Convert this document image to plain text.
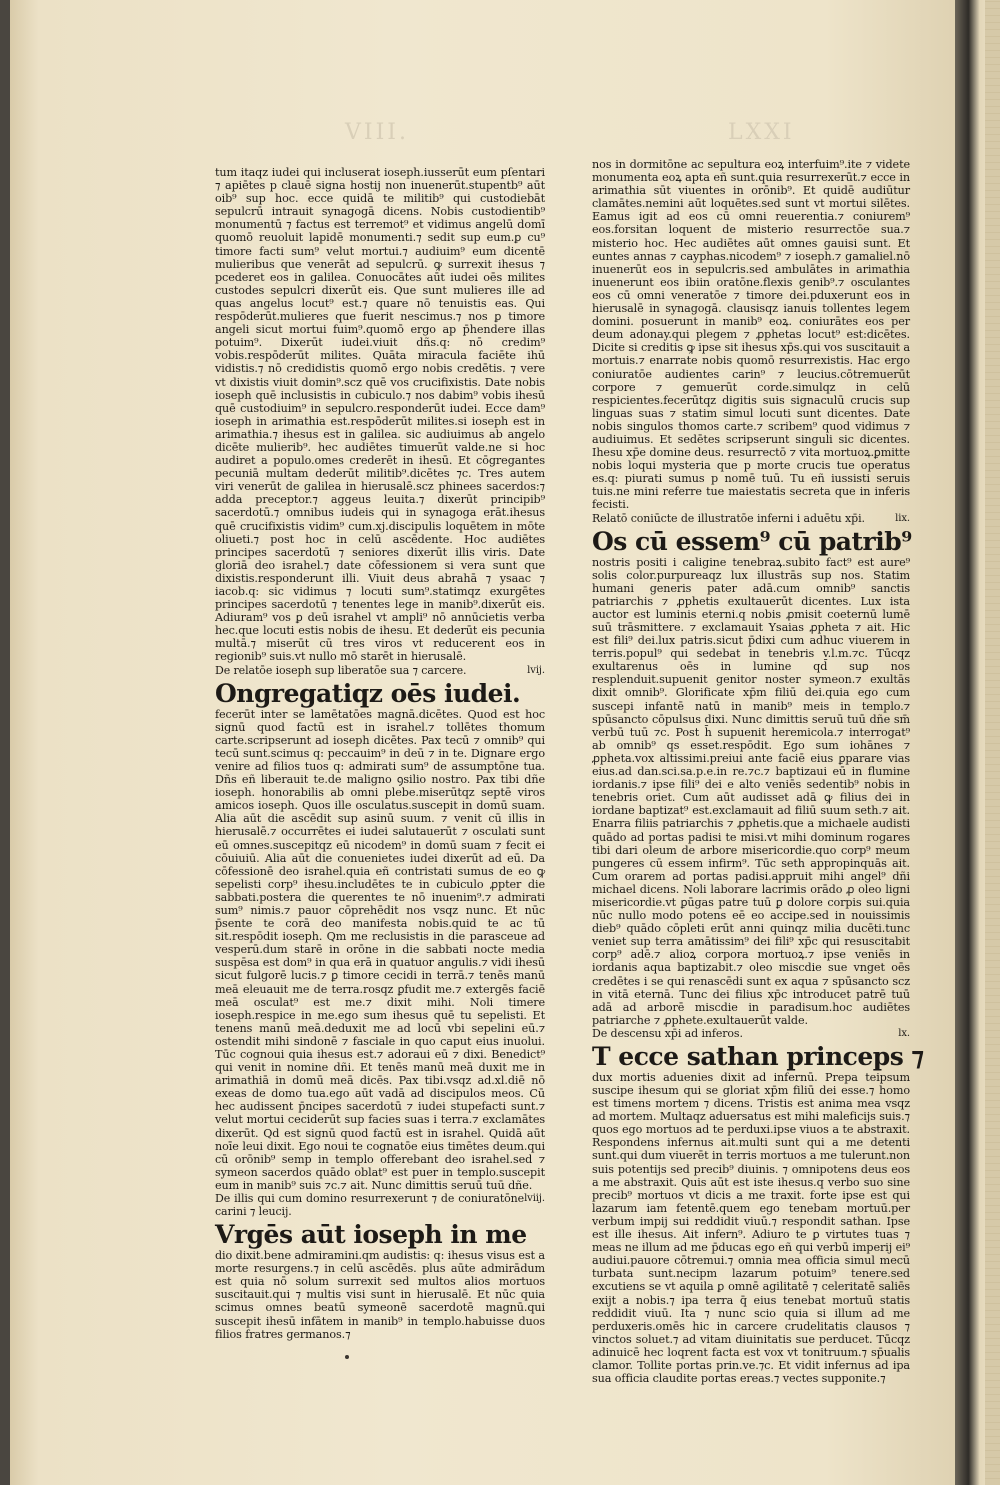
VIII.	LXXI

tum itaqz iudei qui incluserat ioseph.iusserūt eum pſentari ⁊ apiētes p clauē signa hostij non inuenerūt.stupentb⁹ aūt oib⁹ sup hoc. ecce quidā te militib⁹ qui custodiebāt sepulcrū intrauit synagogā dicens. Nobis custodientib⁹ monumentū ⁊ factus est terremot⁹ et vidimus angelū domī quomō reuoluit lapidē monumenti.⁊ sedit sup eum.ꝑ cu⁹ timore facti sum⁹ velut mortui.⁊ audiuim⁹ eum dicentē mulieribus que venerāt ad sepulcrū. ꝙ surrexit ihesus ⁊ pcederet eos in galilea. Conuocātes aūt iudei oēs milites custodes sepulcri dixerūt eis. Que sunt mulieres ille ad quas angelus locut⁹ est.⁊ quare nō tenuistis eas. Qui respōderūt.mulieres que fuerit nescimus.⁊ nos ꝑ timore angeli sicut mortui fuim⁹.quomō ergo ap p̄hendere illas potuim⁹. Dixerūt iudei.viuit dñs.q: nō credim⁹ vobis.respōderūt milites. Quāta miracula faciēte ihū vidistis.⁊ nō credidistis quomō ergo nobis credētis. ⁊ vere vt dixistis viuit domin⁹.scz quē vos crucifixistis. Date nobis ioseph quē inclusistis in cubiculo.⁊ nos dabim⁹ vobis ihesū quē custodiuim⁹ in sepulcro.responderūt iudei. Ecce dam⁹ ioseph in arimathia est.respōderūt milites.si ioseph est in arimathia.⁊ ihesus est in galilea. sic audiuimus ab angelo dicēte mulierib⁹. hec audiētes timuerūt valde.ne si hoc audiret a populo.omes crederēt in ihesū. Et cōgregantes pecuniā multam dederūt militib⁹.dicētes ⁊c. Tres autem viri venerūt de galilea in hierusalē.scz phinees sacerdos:⁊ adda preceptor.⁊ aggeus leuita.⁊ dixerūt principib⁹ sacerdotū.⁊ omnibus iudeis qui in synagoga erāt.ihesus quē crucifixistis vidim⁹ cum.xj.discipulis loquētem in mōte oliueti.⁊ post hoc in celū ascēdente. Hoc audiētes principes sacerdotū ⁊ seniores dixerūt illis viris. Date gloriā deo israhel.⁊ date cōfessionem si vera sunt que dixistis.responderunt illi. Viuit deus abrahā ⁊ ysaac ⁊ iacob.q: sic vidimus ⁊ locuti sum⁹.statimqz exurgētes principes sacerdotū ⁊ tenentes lege in manib⁹.dixerūt eis. Adiuram⁹ vos ꝑ deū israhel vt ampli⁹ nō annūcietis verba hec.que locuti estis nobis de ihesu. Et dederūt eis pecunia multā.⁊ miserūt cū tres viros vt reducerent eos in regionib⁹ suis.vt nullo mō starēt in hierusalē.

lvij.
De relatōe ioseph sup liberatōe sua ⁊ carcere.

Ongregatiqz oēs iudei.

fecerūt inter se lamētatōes magnā.dicētes. Quod est hoc signū quod factū est in israhel.⁊ tollētes thomum carte.scripserunt ad ioseph dicētes. Pax tecū ⁊ omnib⁹ qui tecū sunt.scimus q: peccauim⁹ in deū ⁊ in te. Dignare ergo venire ad filios tuos q: admirati sum⁹ de assumptōne tua. Dñs eñ liberauit te.de maligno ꝯsilio nostro. Pax tibi dñe ioseph. honorabilis ab omni plebe.miserūtqz septē viros amicos ioseph. Quos ille osculatus.suscepit in domū suam. Alia aūt die ascēdit sup asinū suum. ⁊ venit cū illis in hierusalē.⁊ occurrētes ei iudei salutauerūt ⁊ osculati sunt eū omnes.suscepitqz eū nicodem⁹ in domū suam ⁊ fecit ei cōuiuiū. Alia aūt die conuenietes iudei dixerūt ad eū. Da cōfessionē deo israhel.quia eñ contristati sumus de eo ꝙ sepelisti corp⁹ ihesu.includētes te in cubiculo ꝓpter die sabbati.postera die querentes te nō inuenim⁹.⁊ admirati sum⁹ nimis.⁊ pauor cōprehēdit nos vsqz nunc. Et nūc p̄sente te corā deo manifesta nobis.quid te ac tū sit.respōdit ioseph. Qm me reclusistis in die parasceue ad vesperū.dum starē in orōne in die sabbati nocte media suspēsa est dom⁹ in qua erā in quatuor angulis.⁊ vidi ihesū sicut fulgorē lucis.⁊ ꝑ timore cecidi in terrā.⁊ tenēs manū meā eleuauit me de terra.rosqz ꝑfudit me.⁊ extergēs faciē meā osculat⁹ est me.⁊ dixit mihi. Noli timere ioseph.respice in me.ego sum ihesus quē tu sepelisti. Et tenens manū meā.deduxit me ad locū vbi sepelini eū.⁊ ostendit mihi sindonē ⁊ fasciale in quo caput eius inuolui. Tūc cognoui quia ihesus est.⁊ adoraui eū ⁊ dixi. Benedict⁹ qui venit in nomine dñi. Et tenēs manū meā duxit me in arimathiā in domū meā dicēs. Pax tibi.vsqz ad.xl.diē nō exeas de domo tua.ego aūt vadā ad discipulos meos. Cū hec audissent p̄ncipes sacerdotū ⁊ iudei stupefacti sunt.⁊ velut mortui ceciderūt sup facies suas i terra.⁊ exclamātes dixerūt. Qd est signū quod factū est in israhel. Quidā aūt noīe leui dixit. Ego noui te cognatōe eius timētes deum.qui cū orōnib⁹ semp in templo offerebant deo israhel.sed ⁊ symeon sacerdos quādo oblat⁹ est puer in templo.suscepit eum in manib⁹ suis ⁊c.⁊ ait. Nunc dimittis seruū tuū dñe.

lviij.
De illis qui cum domino resurrexerunt ⁊ de coniuratōne carini ⁊ leucij.

Vrgēs aūt ioseph in me

dio dixit.bene admiramini.qm audistis: q: ihesus visus est a morte resurgens.⁊ in celū ascēdēs. plus aūte admirādum est quia nō solum surrexit sed multos alios mortuos suscitauit.qui ⁊ multis visi sunt in hierusalē. Et nūc quia scimus omnes beatū symeonē sacerdotē magnū.qui suscepit ihesū infātem in manib⁹ in templo.habuisse duos filios fratres germanos.⁊

nos in dormitōne ac sepultura eoꝝ interfuim⁹.ite ⁊ videte monumenta eoꝝ apta eñ sunt.quia resurrexerūt.⁊ ecce in arimathia sūt viuentes in orōnib⁹. Et quidē audiūtur clamātes.nemini aūt loquētes.sed sunt vt mortui silētes. Eamus igit ad eos cū omni reuerentia.⁊ coniurem⁹ eos.forsitan loquent de misterio resurrectōe sua.⁊ misterio hoc. Hec audiētes aūt omnes gauisi sunt. Et euntes annas ⁊ cayphas.nicodem⁹ ⁊ ioseph.⁊ gamaliel.nō inuenerūt eos in sepulcris.sed ambulātes in arimathia inuenerunt eos ibiin oratōne.flexis genib⁹.⁊ osculantes eos cū omni veneratōe ⁊ timore dei.pduxerunt eos in hierusalē in synagogā. clausisqz ianuis tollentes legem domini. posuerunt in manib⁹ eoꝝ. coniurātes eos per deum adonay.qui plegem ⁊ ꝓphetas locut⁹ est:dicētes. Dicite si creditis ꝙ ipse sit ihesus xp̄s.qui vos suscitauit a mortuis.⁊ enarrate nobis quomō resurrexistis. Hac ergo coniuratōe audientes carin⁹ ⁊ leucius.cōtremuerūt corpore ⁊ gemuerūt corde.simulqz in celū respicientes.fecerūtqz digitis suis signaculū crucis sup linguas suas ⁊ statim simul locuti sunt dicentes. Date nobis singulos thomos carte.⁊ scribem⁹ quod vidimus ⁊ audiuimus. Et sedētes scripserunt singuli sic dicentes. Ihesu xp̄e domine deus. resurrectō ⁊ vita mortuoꝝ.ꝑmitte nobis loqui mysteria que p morte crucis tue operatus es.q: piurati sumus p nomē tuū. Tu eñ iussisti seruis tuis.ne mini referre tue maiestatis secreta que in inferis fecisti.

lix.
Relatō coniūcte de illustratōe inferni i aduētu xp̄i.

Os cū essem⁹ cū patrib⁹

nostris positi i caligine tenebraꝝ.subito fact⁹ est aure⁹ solis color.purpureaqz lux illustrās sup nos. Statim humani generis pater adā.cum omnib⁹ sanctis patriarchis ⁊ ꝓphetis exultauerūt dicentes. Lux ista auctor est luminis eterni.q nobis ꝓmisit coeternū lumē suū trāsmittere. ⁊ exclamauit Ysaias ꝓpheta ⁊ ait. Hic est fili⁹ dei.lux patris.sicut p̄dixi cum adhuc viuerem in terris.popul⁹ qui sedebat in tenebris v.l.m.⁊c. Tūcqz exultarenus oēs in lumine qd̄ suꝑ nos resplenduit.supuenit genitor noster symeon.⁊ exultās dixit omnib⁹. Glorificate xp̄m filiū dei.quia ego cum suscepi infantē natū in manib⁹ meis in templo.⁊ spūsancto cōpulsus dixi. Nunc dimittis seruū tuū dñe sm̄ verbū tuū ⁊c. Post h̄ supuenit heremicola.⁊ interrogat⁹ ab omnib⁹ qs esset.respōdit. Ego sum iohānes ⁊ ꝓpheta.vox altissimi.preiui ante faciē eius ꝑparare vias eius.ad dan.sci.sa.p.e.in re.⁊c.⁊ baptizaui eū in flumine iordanis.⁊ ipse fili⁹ dei e alto veniēs sedentib⁹ nobis in tenebris oriet. Cum aūt audisset adā ꝙ filius dei in iordane baptizat⁹ est.exclamauit ad filiū suum seth.⁊ ait. Enarra filiis patriarchis ⁊ ꝓphetis.que a michaele audisti quādo ad portas padisi te misi.vt mihi dominum rogares tibi dari oleum de arbore misericordie.quo corp⁹ meum pungeres cū essem infirm⁹. Tūc seth appropinquās ait. Cum orarem ad portas padisi.appruit mihi angel⁹ dñi michael dicens. Noli laborare lacrimis orādo ꝓ oleo ligni misericordie.vt ꝑūgas patre tuū ꝑ dolore corpis sui.quia nūc nullo modo potens eē eo accipe.sed in nouissimis dieb⁹ quādo cōpleti erūt anni quinqz milia ducēti.tunc veniet sup terra amātissim⁹ dei fili⁹ xp̄c qui resuscitabit corp⁹ adē.⁊ alioꝝ corpora mortuoꝝ.⁊ ipse veniēs in iordanis aqua baptizabit.⁊ oleo miscdie sue vnget oēs credētes i se qui renascēdi sunt ex aqua ⁊ spūsancto scz in vitā eternā. Tunc dei filius xp̄c introducet patrē tuū adā ad arborē miscdie in paradisum.hoc audiētes patriarche ⁊ ꝓphete.exultauerūt valde.

lx.
De descensu xp̄i ad inferos.

T ecce sathan princeps ⁊

dux mortis aduenies dixit ad infernū. Prepa teipsum suscipe ihesum qui se gloriat xp̄m filiū dei esse.⁊ homo est timens mortem ⁊ dicens. Tristis est anima mea vsqz ad mortem. Multaqz aduersatus est mihi maleficijs suis.⁊ quos ego mortuos ad te perduxi.ipse viuos a te abstraxit. Respondens infernus ait.multi sunt qui a me detenti sunt.qui dum viuerēt in terris mortuos a me tulerunt.non suis potentijs sed precib⁹ diuinis. ⁊ omnipotens deus eos a me abstraxit. Quis aūt est iste ihesus.q verbo suo sine precib⁹ mortuos vt dicis a me traxit. forte ipse est qui lazarum iam fetentē.quem ego tenebam mortuū.per verbum impij sui reddidit viuū.⁊ respondit sathan. Ipse est ille ihesus. Ait infern⁹. Adiuro te ꝑ virtutes tuas ⁊ meas ne illum ad me p̄ducas ego eñ qui verbū imperij ei⁹ audiui.pauore cōtremui.⁊ omnia mea officia simul mecū turbata sunt.necipm lazarum potuim⁹ tenere.sed excutiens se vt aquila ꝑ omnē agilitatē ⁊ celeritatē saliēs exijt a nobis.⁊ ipa terra q̄ eius tenebat mortuū statis reddidit viuū. Ita ⁊ nunc scio quia si illum ad me perduxeris.omēs hic in carcere crudelitatis clausos ⁊ vinctos soluet.⁊ ad vitam diuinitatis sue perducet. Tūcqz adinuicē hec loqrent facta est vox vt tonitruum.⁊ sp̄ualis clamor. Tollite portas prin.ve.⁊c. Et vidit infernus ad ipa sua officia claudite portas ereas.⁊ vectes supponite.⁊
